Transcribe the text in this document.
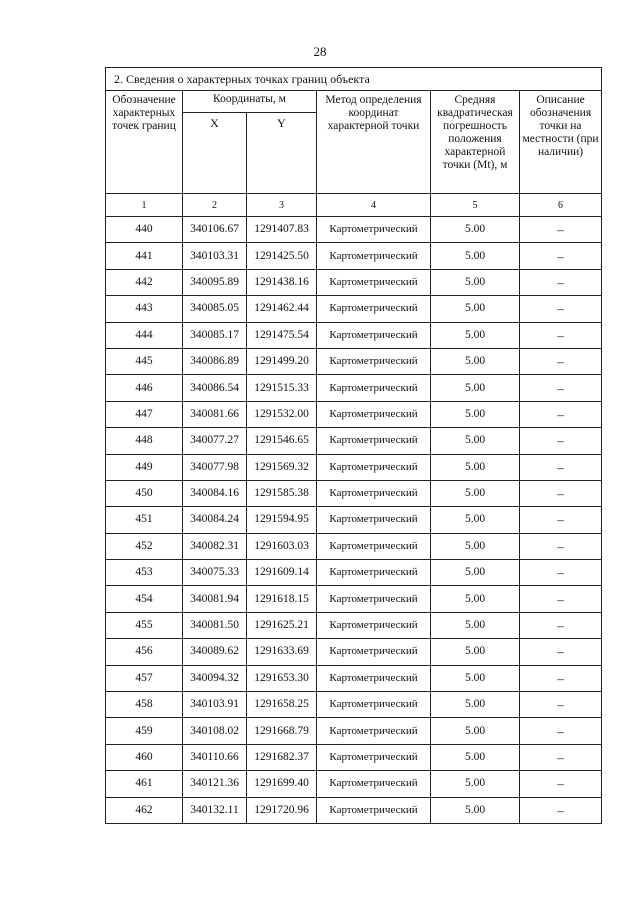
28
2. Сведения о характерных точках границ объекта					
Обозначение характерных точек границ	Координаты, м		Метод определения координат характерной точки	Средняя квадратическая погрешность положения характерной точки (Mt), м	Описание обозначения точки на местности (при наличии)
	X	Y			
1	2	3	4	5	6
440	340106.67	1291407.83	Картометрический	5.00	–
441	340103.31	1291425.50	Картометрический	5.00	–
442	340095.89	1291438.16	Картометрический	5.00	–
443	340085.05	1291462.44	Картометрический	5.00	–
444	340085.17	1291475.54	Картометрический	5.00	–
445	340086.89	1291499.20	Картометрический	5.00	–
446	340086.54	1291515.33	Картометрический	5.00	–
447	340081.66	1291532.00	Картометрический	5.00	–
448	340077.27	1291546.65	Картометрический	5.00	–
449	340077.98	1291569.32	Картометрический	5.00	–
450	340084.16	1291585.38	Картометрический	5.00	–
451	340084.24	1291594.95	Картометрический	5.00	–
452	340082.31	1291603.03	Картометрический	5.00	–
453	340075.33	1291609.14	Картометрический	5.00	–
454	340081.94	1291618.15	Картометрический	5.00	–
455	340081.50	1291625.21	Картометрический	5.00	–
456	340089.62	1291633.69	Картометрический	5.00	–
457	340094.32	1291653.30	Картометрический	5.00	–
458	340103.91	1291658.25	Картометрический	5.00	–
459	340108.02	1291668.79	Картометрический	5.00	–
460	340110.66	1291682.37	Картометрический	5.00	–
461	340121.36	1291699.40	Картометрический	5.00	–
462	340132.11	1291720.96	Картометрический	5.00	–
